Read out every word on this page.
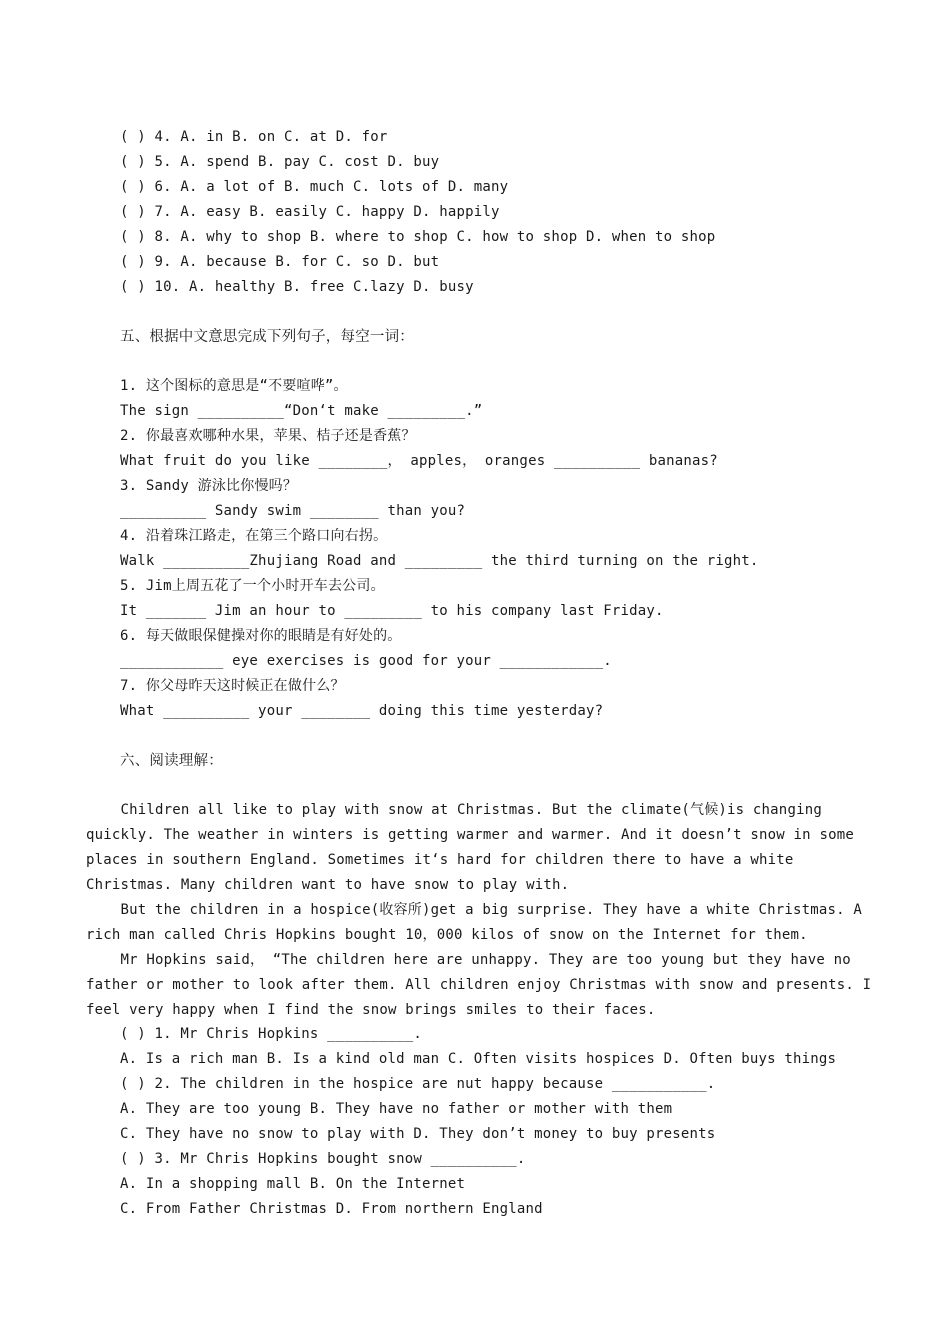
( ) 4. A. in B. on C. at D. for
( ) 5. A. spend B. pay C. cost D. buy
( ) 6. A. a lot of B. much C. lots of D. many
( ) 7. A. easy B. easily C. happy D. happily
( ) 8. A. why to shop B. where to shop C. how to shop D. when to shop
( ) 9. A. because B. for C. so D. but
( ) 10. A. healthy B. free C.lazy D. busy
五、根据中文意思完成下列句子，每空一词：
1. 这个图标的意思是“不要喧哗”。
The sign __________“Don‘t make _________.”
2. 你最喜欢哪种水果，苹果、桔子还是香蕉？
What fruit do you like ________， apples， oranges __________ bananas?
3. Sandy 游泳比你慢吗？
__________ Sandy swim ________ than you?
4. 沿着珠江路走，在第三个路口向右拐。
Walk __________Zhujiang Road and _________ the third turning on the right.
5. Jim上周五花了一个小时开车去公司。
It _______ Jim an hour to _________ to his company last Friday.
6. 每天做眼保健操对你的眼睛是有好处的。
____________ eye exercises is good for your ____________.
7. 你父母昨天这时候正在做什么？
What __________ your ________ doing this time yesterday?
六、阅读理解：
Children all like to play with snow at Christmas. But the climate(气候)is changing
quickly. The weather in winters is getting warmer and warmer. And it doesn’t snow in some
places in southern England. Sometimes it‘s hard for children there to have a white
Christmas. Many children want to have snow to play with.
But the children in a hospice(收容所)get a big surprise. They have a white Christmas. A
rich man called Chris Hopkins bought 10，000 kilos of snow on the Internet for them.
Mr Hopkins said， “The children here are unhappy. They are too young but they have no
father or mother to look after them. All children enjoy Christmas with snow and presents. I
feel very happy when I find the snow brings smiles to their faces.
( ) 1. Mr Chris Hopkins __________.
A. Is a rich man B. Is a kind old man C. Often visits hospices D. Often buys things
( ) 2. The children in the hospice are nut happy because ___________.
A. They are too young B. They have no father or mother with them
C. They have no snow to play with D. They don’t money to buy presents
( ) 3. Mr Chris Hopkins bought snow __________.
A. In a shopping mall B. On the Internet
C. From Father Christmas D. From northern England
